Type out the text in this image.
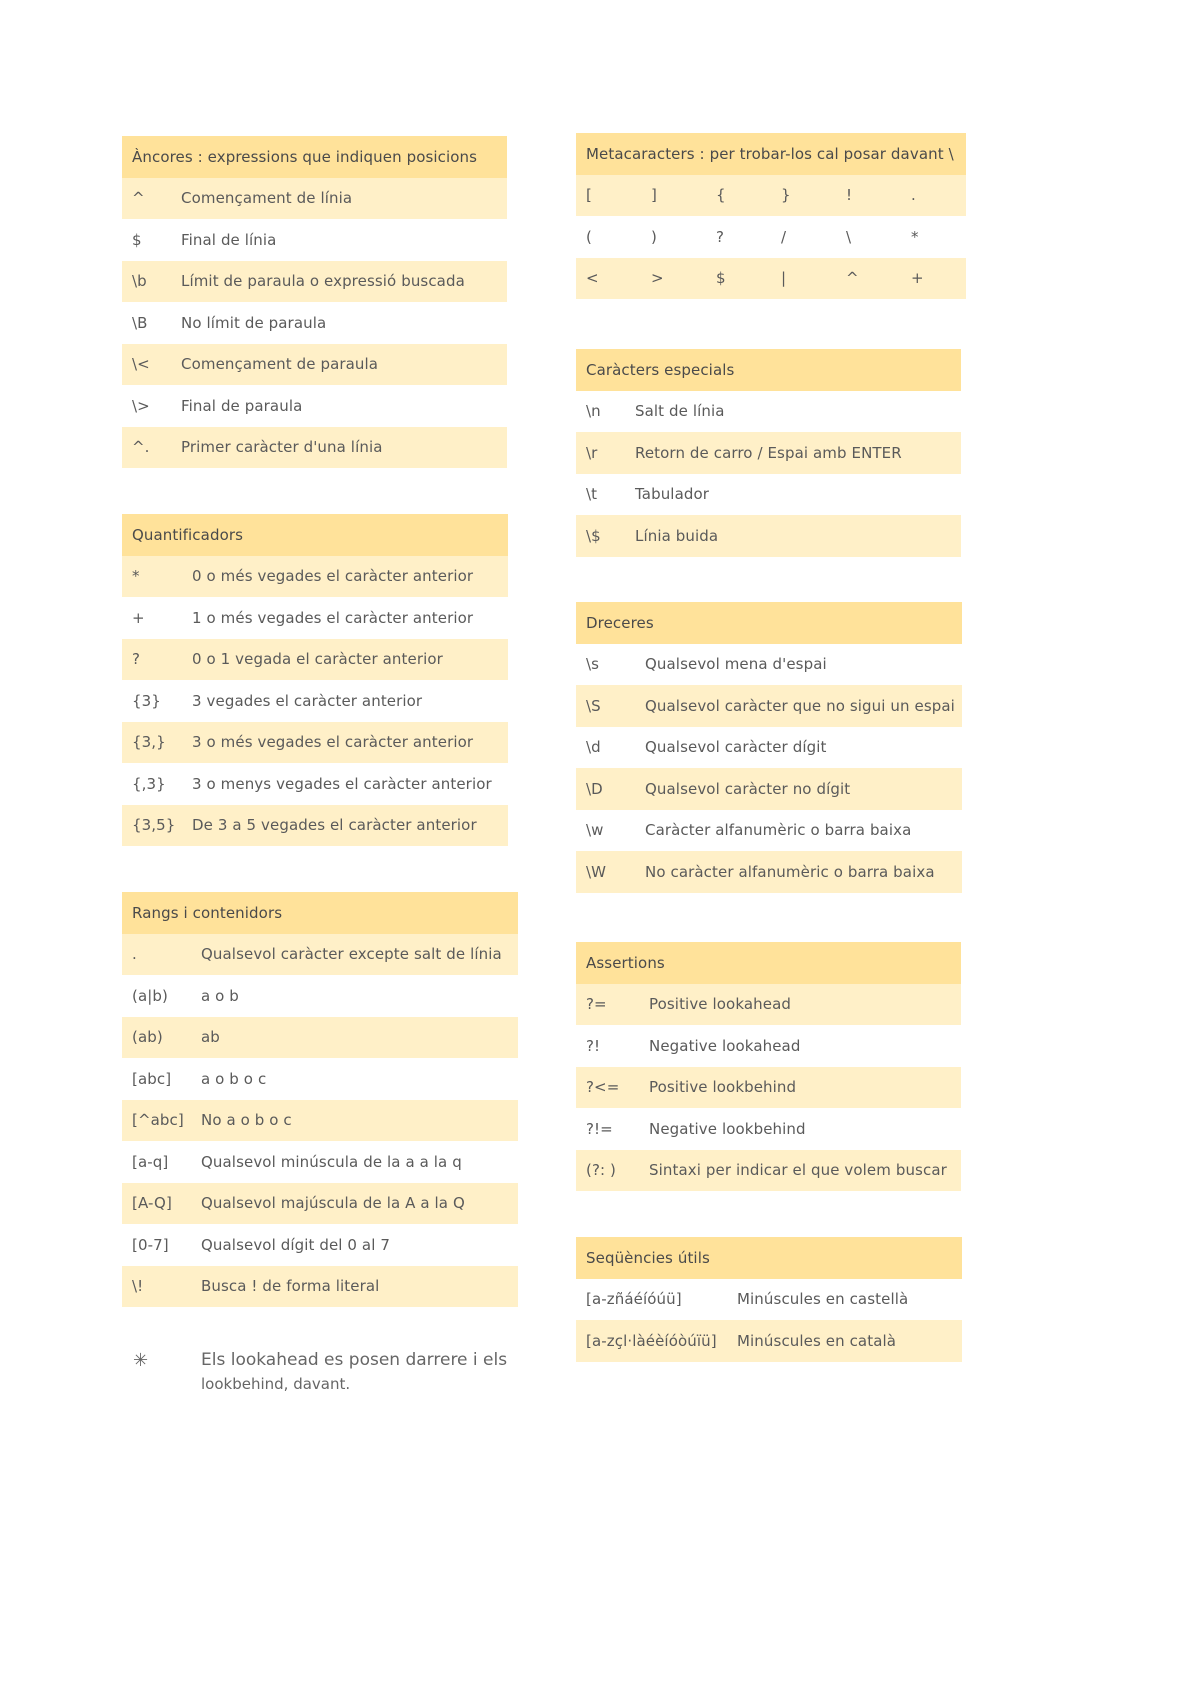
Àncores : expressions que indiquen posicions	
^	Començament de línia
$	Final de línia
\b	Límit de paraula o expressió buscada
\B	No límit de paraula
\<	Començament de paraula
\>	Final de paraula
^.	Primer caràcter d'una línia
Quantificadors	
*	0 o més vegades el caràcter anterior
+	1 o més vegades el caràcter anterior
?	0 o 1 vegada el caràcter anterior
{3}	3 vegades el caràcter anterior
{3,}	3 o més vegades el caràcter anterior
{,3}	3 o menys vegades el caràcter anterior
{3,5}	De 3 a 5 vegades el caràcter anterior
Rangs i contenidors	
.	Qualsevol caràcter excepte salt de línia
(a|b)	a o b
(ab)	ab
[abc]	a o b o c
[^abc]	No a o b o c
[a-q]	Qualsevol minúscula de la a a la q
[A-Q]	Qualsevol majúscula de la A a la Q
[0-7]	Qualsevol dígit del 0 al 7
\!	Busca ! de forma literal
✳	Els lookahead es posen darrere i els
lookbehind, davant.
Metacaracters : per trobar-los cal posar davant \					
[	]	{	}	!	.
(	)	?	/	\	*
<	>	$	|	^	+
Caràcters especials	
\n	Salt de línia
\r	Retorn de carro / Espai amb ENTER
\t	Tabulador
\$	Línia buida
Dreceres	
\s	Qualsevol mena d'espai
\S	Qualsevol caràcter que no sigui un espai
\d	Qualsevol caràcter dígit
\D	Qualsevol caràcter no dígit
\w	Caràcter alfanumèric o barra baixa
\W	No caràcter alfanumèric o barra baixa
Assertions	
?=	Positive lookahead
?!	Negative lookahead
?<=	Positive lookbehind
?!=	Negative lookbehind
(?: )	Sintaxi per indicar el que volem buscar
Seqüències útils	
[a-zñáéíóúü]	Minúscules en castellà
[a-zçl·làéèíóòúïü]	Minúscules en català
